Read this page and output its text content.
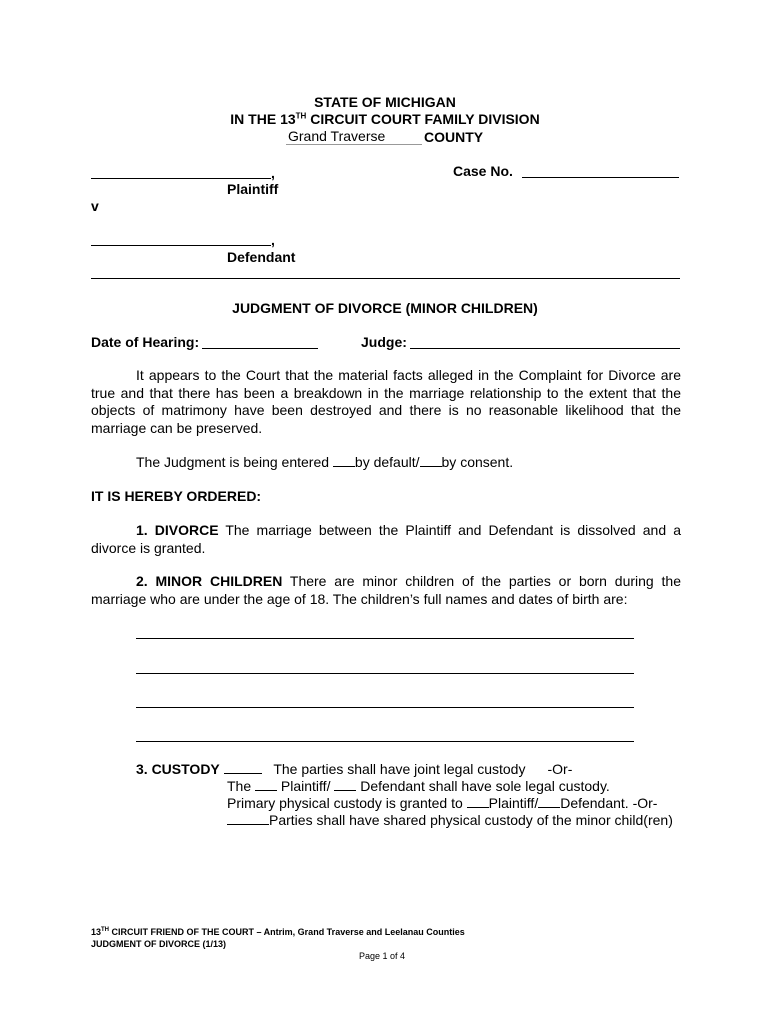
STATE OF MICHIGAN
IN THE 13TH CIRCUIT COURT FAMILY DIVISION
Grand Traverse	COUNTY
,
Plaintiff
Case No.
v
,
Defendant
JUDGMENT OF DIVORCE (MINOR CHILDREN)
Date of Hearing:	Judge:
It appears to the Court that the material facts alleged in the Complaint for Divorce are true and that there has been a breakdown in the marriage relationship to the extent that the objects of matrimony have been destroyed and there is no reasonable likelihood that the marriage can be preserved.
The Judgment is being entered by default/ by consent.
IT IS HEREBY ORDERED:
1. DIVORCE The marriage between the Plaintiff and Defendant is dissolved and a divorce is granted.
2. MINOR CHILDREN There are minor children of the parties or born during the marriage who are under the age of 18. The children’s full names and dates of birth are:
3. CUSTODY	The parties shall have joint legal custody -Or-
The  Plaintiff/  Defendant shall have sole legal custody.
Primary physical custody is granted to Plaintiff/ Defendant. -Or-
Parties shall have shared physical custody of the minor child(ren)
13TH CIRCUIT FRIEND OF THE COURT – Antrim, Grand Traverse and Leelanau Counties
JUDGMENT OF DIVORCE (1/13)
Page 1 of 4
